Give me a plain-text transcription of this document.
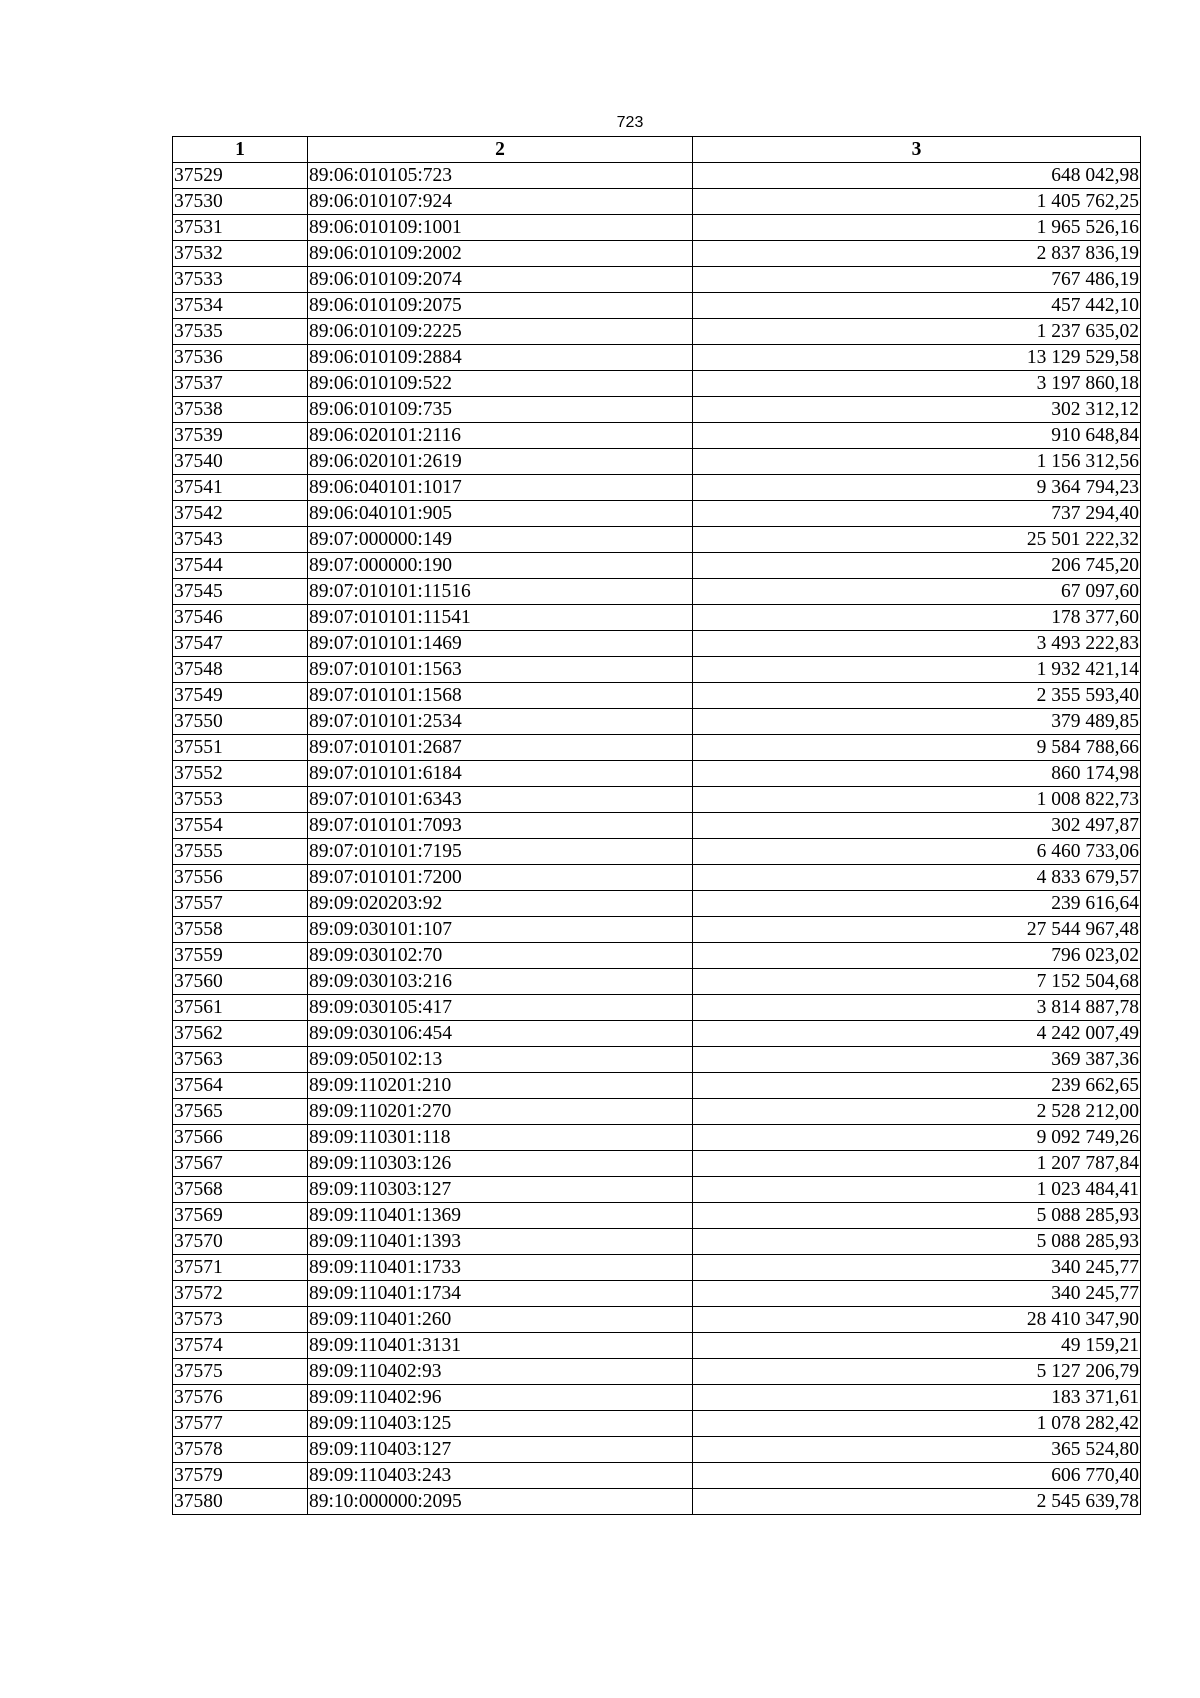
723
1	2	3
37529	89:06:010105:723	648 042,98
37530	89:06:010107:924	1 405 762,25
37531	89:06:010109:1001	1 965 526,16
37532	89:06:010109:2002	2 837 836,19
37533	89:06:010109:2074	767 486,19
37534	89:06:010109:2075	457 442,10
37535	89:06:010109:2225	1 237 635,02
37536	89:06:010109:2884	13 129 529,58
37537	89:06:010109:522	3 197 860,18
37538	89:06:010109:735	302 312,12
37539	89:06:020101:2116	910 648,84
37540	89:06:020101:2619	1 156 312,56
37541	89:06:040101:1017	9 364 794,23
37542	89:06:040101:905	737 294,40
37543	89:07:000000:149	25 501 222,32
37544	89:07:000000:190	206 745,20
37545	89:07:010101:11516	67 097,60
37546	89:07:010101:11541	178 377,60
37547	89:07:010101:1469	3 493 222,83
37548	89:07:010101:1563	1 932 421,14
37549	89:07:010101:1568	2 355 593,40
37550	89:07:010101:2534	379 489,85
37551	89:07:010101:2687	9 584 788,66
37552	89:07:010101:6184	860 174,98
37553	89:07:010101:6343	1 008 822,73
37554	89:07:010101:7093	302 497,87
37555	89:07:010101:7195	6 460 733,06
37556	89:07:010101:7200	4 833 679,57
37557	89:09:020203:92	239 616,64
37558	89:09:030101:107	27 544 967,48
37559	89:09:030102:70	796 023,02
37560	89:09:030103:216	7 152 504,68
37561	89:09:030105:417	3 814 887,78
37562	89:09:030106:454	4 242 007,49
37563	89:09:050102:13	369 387,36
37564	89:09:110201:210	239 662,65
37565	89:09:110201:270	2 528 212,00
37566	89:09:110301:118	9 092 749,26
37567	89:09:110303:126	1 207 787,84
37568	89:09:110303:127	1 023 484,41
37569	89:09:110401:1369	5 088 285,93
37570	89:09:110401:1393	5 088 285,93
37571	89:09:110401:1733	340 245,77
37572	89:09:110401:1734	340 245,77
37573	89:09:110401:260	28 410 347,90
37574	89:09:110401:3131	49 159,21
37575	89:09:110402:93	5 127 206,79
37576	89:09:110402:96	183 371,61
37577	89:09:110403:125	1 078 282,42
37578	89:09:110403:127	365 524,80
37579	89:09:110403:243	606 770,40
37580	89:10:000000:2095	2 545 639,78
